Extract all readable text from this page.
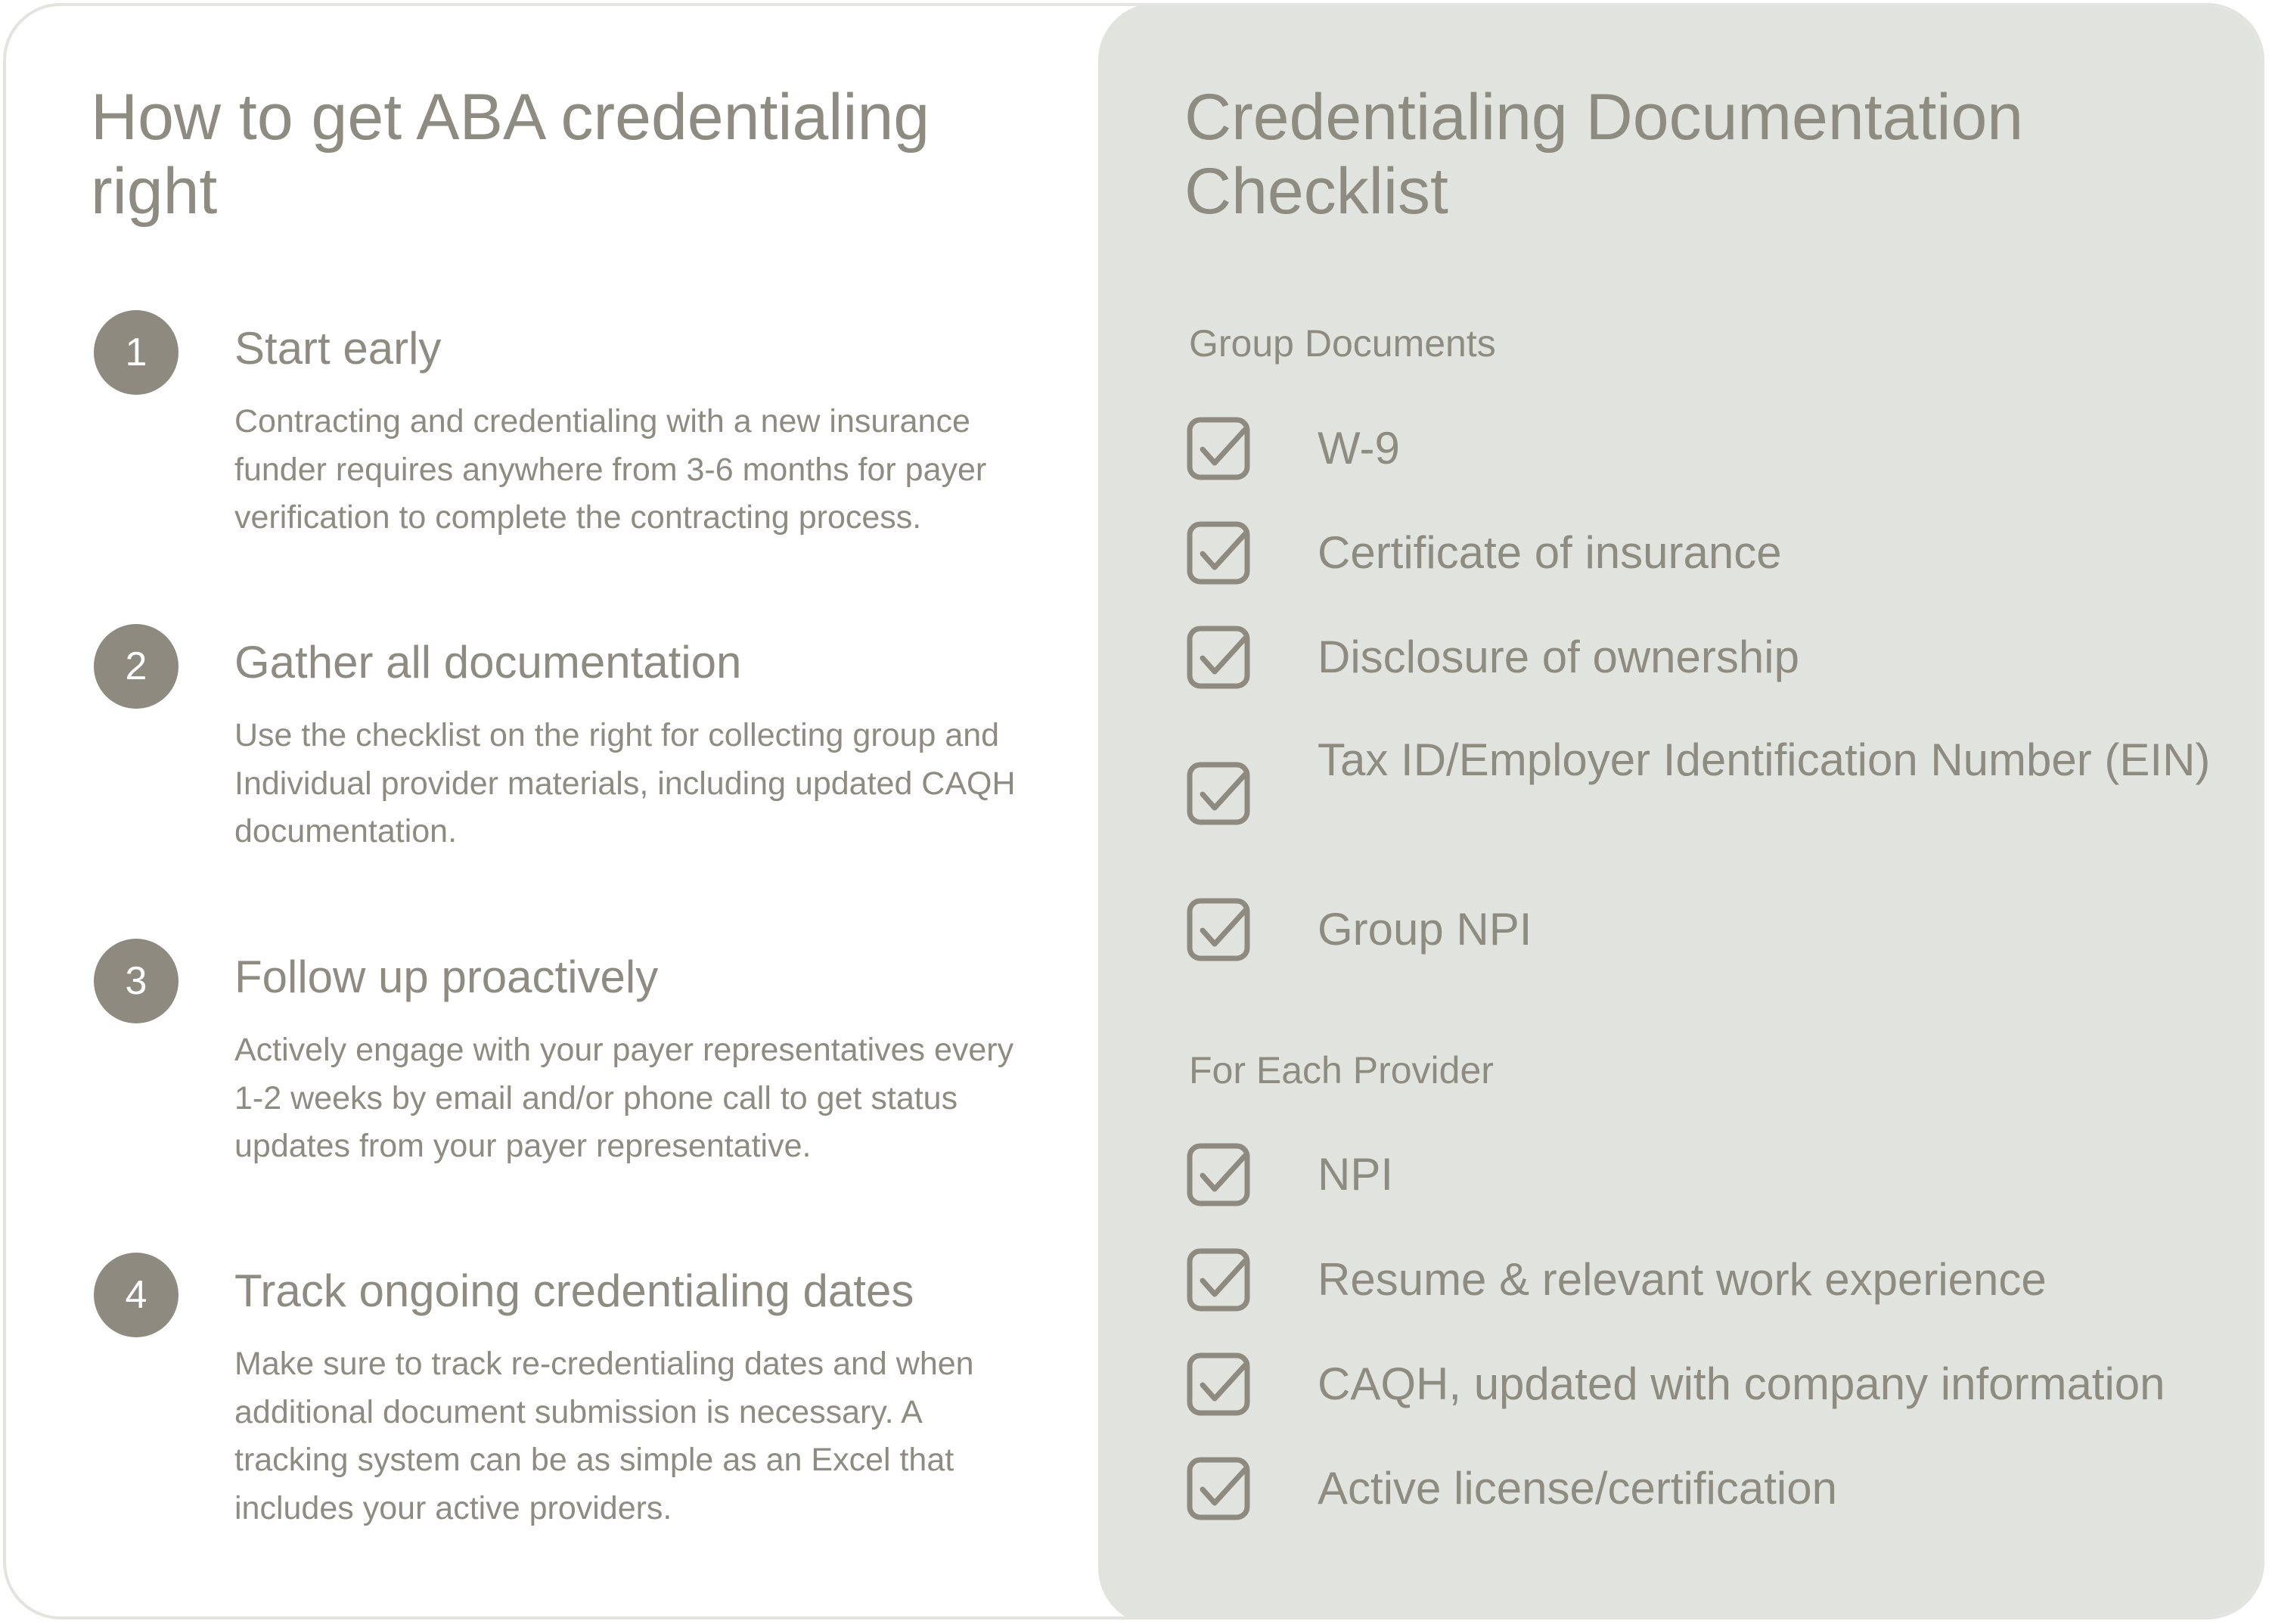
How to get ABA credentialing right
1	Start early
Contracting and credentialing with a new insurance funder requires anywhere from 3-6 months for payer verification to complete the contracting process.
2	Gather all documentation
Use the checklist on the right for collecting group and Individual provider materials, including updated CAQH documentation.
3	Follow up proactively
Actively engage with your payer representatives every 1-2 weeks by email and/or phone call to get status updates from your payer representative.
4	Track ongoing credentialing dates
Make sure to track re-credentialing dates and when additional document submission is necessary. A tracking system can be as simple as an Excel that includes your active providers.
Credentialing Documentation Checklist
Group Documents
W-9
Certificate of insurance
Disclosure of ownership
Tax ID/Employer Identification Number (EIN)
Group NPI
For Each Provider
NPI
Resume & relevant work experience
CAQH, updated with company information
Active license/certification
